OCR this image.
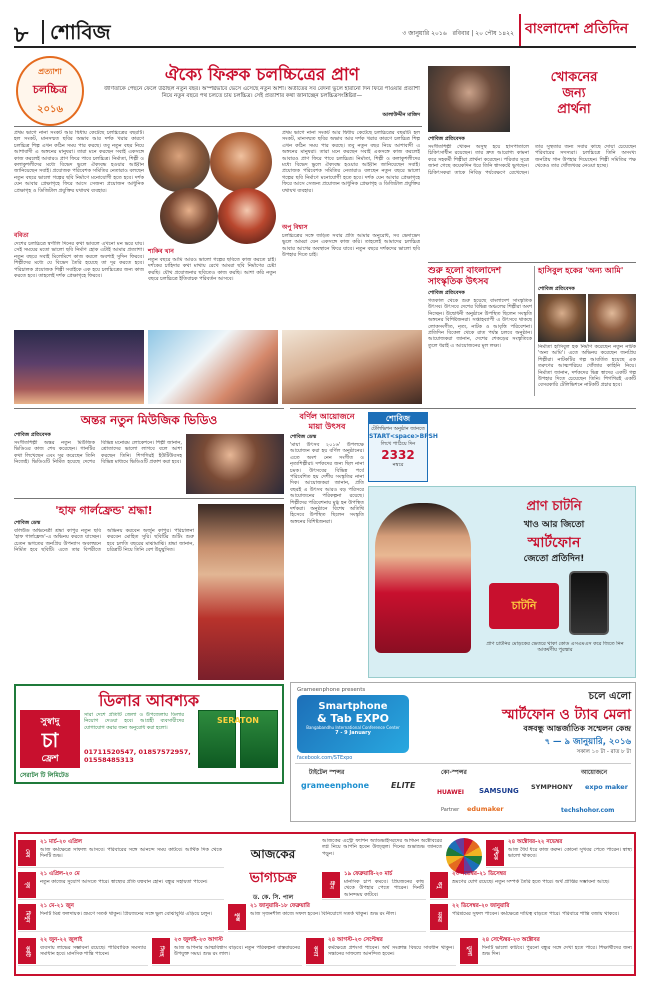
৮ শোবিজ	৩ জানুয়ারি ২০১৬ রবিবার | ২০ পৌষ ১৪২২ বাংলাদেশ প্রতিদিন
প্রত্যাশা
চলচ্চিত্র
২০১৬
ঐক্যে ফিরুক চলচ্চিত্রের প্রাণ
জীর্ণতাকে পেছনে ফেলে উঠছিল নতুন বছর। অস্পষ্টভাবে ভেসে এসেছে নতুন আশা। অতীতের সব বেদনা ভুলে হারানো দিন ফিরে পাওয়ার প্রত্যাশা নিয়ে নতুন বছরে পথ চলতে চায় চলচ্চিত্র। সেই প্রত্যাশার কথা জানাচ্ছেন চলচ্চিত্রসংশ্লিষ্টরা—
আলাউদ্দীন মাজিদ
প্রথম ভাগে নানা সংকট আর দ্বিধায় কেটেছে চলচ্চিত্রের বছরটি। হল সংকট, মানসম্মত ছবির অভাব আর দর্শক খরার কারণে চলচ্চিত্র শিল্প এখন কঠিন সময় পার করছে। তবু নতুন বছর নিয়ে আশাবাদী এ অঙ্গনের মানুষরা। তারা মনে করছেন সবাই একসঙ্গে কাজ করলেই আবারও প্রাণ ফিরে পাবে চলচ্চিত্র। নির্মাতা, শিল্পী ও কলাকুশলীদের মধ্যে বিভেদ ভুলে ঐক্যবদ্ধ হওয়ার আহ্বান জানিয়েছেন সবাই। প্রযোজক পরিবেশক সমিতির নেতারাও বলছেন নতুন বছরে ভালো গল্পের ছবি নির্মাণে মনোযোগী হতে হবে। দর্শক যেন আবার প্রেক্ষাগৃহে ফিরে আসে সেজন্য প্রয়োজন আধুনিক প্রেক্ষাগৃহ ও ডিজিটাল প্রযুক্তির যথাযথ ব্যবহার।
ববিতা
দেশের চলচ্চিত্রে স্বর্ণালি দিনের কথা ভাবলে এখনো মন ভরে যায়। সেই সময়ের মতো ভালো ছবি নির্মাণ হোক এটাই আমার প্রত্যাশা। নতুন বছরে সবাই মিলেমিশে কাজ করলে অবশ্যই সুদিন ফিরবে। শিল্পীদের মধ্যে যে বিভেদ তৈরি হয়েছে তা দূর করতে হবে। পরিচালক প্রযোজক শিল্পী সবাইকে এক হয়ে চলচ্চিত্রের জন্য কাজ করতে হবে। তাহলেই দর্শক প্রেক্ষাগৃহে ফিরবে।
শাকিব খান
নতুন বছরে আমি আরও ভালো গল্পের ছবিতে কাজ করতে চাই। দর্শকের চাহিদার কথা মাথায় রেখে আমরা ছবি নির্মাণের চেষ্টা করছি। যৌথ প্রযোজনার ছবিতেও কাজ করছি। আশা করি নতুন বছরে চলচ্চিত্রে ইতিবাচক পরিবর্তন আসবে।
প্রথম ভাগে নানা সংকট আর দ্বিধায় কেটেছে চলচ্চিত্রের বছরটি। হল সংকট, মানসম্মত ছবির অভাব আর দর্শক খরার কারণে চলচ্চিত্র শিল্প এখন কঠিন সময় পার করছে। তবু নতুন বছর নিয়ে আশাবাদী এ অঙ্গনের মানুষরা। তারা মনে করছেন সবাই একসঙ্গে কাজ করলেই আবারও প্রাণ ফিরে পাবে চলচ্চিত্র। নির্মাতা, শিল্পী ও কলাকুশলীদের মধ্যে বিভেদ ভুলে ঐক্যবদ্ধ হওয়ার আহ্বান জানিয়েছেন সবাই। প্রযোজক পরিবেশক সমিতির নেতারাও বলছেন নতুন বছরে ভালো গল্পের ছবি নির্মাণে মনোযোগী হতে হবে। দর্শক যেন আবার প্রেক্ষাগৃহে ফিরে আসে সেজন্য প্রয়োজন আধুনিক প্রেক্ষাগৃহ ও ডিজিটাল প্রযুক্তির যথাযথ ব্যবহার।
অপু বিশ্বাস
চলচ্চিত্রের সঙ্গে জড়িত সবার প্রতি আমার অনুরোধ, সব ভেদাভেদ ভুলে আমরা যেন একসঙ্গে কাজ করি। তাহলেই আমাদের চলচ্চিত্র আবার আগের অবস্থানে ফিরে যাবে। নতুন বছরে দর্শকদের ভালো ছবি উপহার দিতে চাই।
অন্তর নতুন মিউজিক ভিডিও
শোবিজ প্রতিবেদক
সংগীতশিল্পী অন্তর নতুন মিউজিক ভিডিওর কাজ শেষ করেছেন। গানটির কথা লিখেছেন এবং সুর করেছেন তিনি নিজেই। ভিডিওটি নির্মিত হয়েছে দেশের বিভিন্ন মনোরম লোকেশনে। শিল্পী জানান, শ্রোতাদের ভালো লাগবে বলে আশা করছেন তিনি। শিগগিরই ইউটিউবসহ বিভিন্ন মাধ্যমে ভিডিওটি প্রকাশ করা হবে।
'হাফ গার্লফ্রেন্ড' শ্রদ্ধা!
শোবিজ ডেস্ক
বলিউড অভিনেত্রী শ্রদ্ধা কাপুর নতুন ছবি 'হাফ গার্লফ্রেন্ড'-এ অভিনয় করতে যাচ্ছেন। চেতন ভগতের জনপ্রিয় উপন্যাস অবলম্বনে নির্মিত হবে ছবিটি। এতে তার বিপরীতে অভিনয় করবেন অর্জুন কাপুর। পরিচালনা করবেন মোহিত সুরি। ছবিটির শুটিং শুরু হবে চলতি বছরের মাঝামাঝি। শ্রদ্ধা জানান, চরিত্রটি নিয়ে তিনি বেশ উচ্ছ্বসিত।
ডিলার আবশ্যক
সুস্বাদু
চা
ফ্রেশ
সারা দেশে প্রতিটি জেলা ও উপজেলায় ডিলার নিয়োগ দেওয়া হবে। আগ্রহী ব্যবসায়ীদের যোগাযোগ করার জন্য অনুরোধ করা হলো।
01711520547, 01857572957, 01558485313
SERATON
সেরাটন টি লিমিটেড
খোকনের
জন্য
প্রার্থনা
শোবিজ প্রতিবেদক
সংগীতশিল্পী খোকন অসুস্থ হয়ে হাসপাতালে চিকিৎসাধীন রয়েছেন। তার দ্রুত আরোগ্য কামনা করে সহকর্মী শিল্পীরা প্রার্থনা করেছেন। পরিবার সূত্রে জানা গেছে কয়েকদিন ধরে তিনি শ্বাসকষ্টে ভুগছেন। চিকিৎসকরা তাকে নিবিড় পর্যবেক্ষণে রেখেছেন। তার সুস্থতার জন্য সবার কাছে দোয়া চেয়েছেন পরিবারের সদস্যরা। চলচ্চিত্রে তিনি অসংখ্য জনপ্রিয় গান উপহার দিয়েছেন। শিল্পী সমিতির পক্ষ থেকেও তার খোঁজখবর নেওয়া হচ্ছে।
শুরু হলো বাংলাদেশ সাংস্কৃতিক উৎসব
শোবিজ প্রতিবেদক
গতকাল থেকে শুরু হয়েছে বাংলাদেশ সাংস্কৃতিক উৎসব। উৎসবে দেশের বিভিন্ন অঞ্চলের শিল্পীরা অংশ নিচ্ছেন। উদ্বোধনী অনুষ্ঠানে উপস্থিত ছিলেন সংস্কৃতি অঙ্গনের বিশিষ্টজনরা। সপ্তাহব্যাপী এ উৎসবে থাকছে লোকসংগীত, নৃত্য, নাটক ও আবৃত্তি পরিবেশনা। প্রতিদিন বিকেল থেকে রাত পর্যন্ত চলবে অনুষ্ঠান। আয়োজকরা জানান, দেশের শেকড়ের সংস্কৃতিকে তুলে ধরাই এ আয়োজনের মূল লক্ষ্য।
হাসিবুল হকের 'অন্য আমি'
শোবিজ প্রতিবেদক
নির্মাতা হাসিবুল হক নির্মাণ করেছেন নতুন নাটক 'অন্য আমি'। এতে অভিনয় করেছেন জনপ্রিয় শিল্পীরা। নাটকটির গল্প আবর্তিত হয়েছে এক তরুণের আত্মপরিচয় খোঁজার কাহিনি নিয়ে। নির্মাতা জানান, দর্শকদের ভিন্ন স্বাদের একটি গল্প উপহার দিতে চেয়েছেন তিনি। শিগগিরই একটি বেসরকারি টেলিভিশনে নাটকটি প্রচার হবে।
বর্ণিল আয়োজনে
মায়া উৎসব
শোবিজ ডেস্ক
'মায়া উৎসব ২০১৬' উপলক্ষে আয়োজন করা হয় বর্ণিল অনুষ্ঠানের। এতে অংশ নেন সংগীত ও নৃত্যশিল্পীরা। দর্শকদের জন্য ছিল নানা চমক। উৎসবের বিভিন্ন পর্বে পরিবেশিত হয় দেশীয় সংস্কৃতির নানা দিক। আয়োজকরা জানান, প্রতি বছরই এ উৎসব আরও বড় পরিসরে আয়োজনের পরিকল্পনা রয়েছে। শিল্পীদের পরিবেশনায় মুগ্ধ হন উপস্থিত দর্শকরা। অনুষ্ঠানে বিশেষ অতিথি হিসেবে উপস্থিত ছিলেন সংস্কৃতি অঙ্গনের বিশিষ্টজনরা।
শোবিজ
টেলিভিশন অনুষ্ঠান জানতে
START<space>BPSH
লিখে পাঠিয়ে দিন
2332
নম্বরে
প্রাণ চাটনি
খাও আর জিতো
স্মার্টফোন
জেতো প্রতিদিন!
চাটনি
প্রাণ চাটনির মোড়কের ভেতরে থাকা কোড এসএমএস করে জিতে নিন আকর্ষণীয় পুরস্কার
Grameenphone presents
Smartphone
& Tab EXPO
Bangabandhu International Conference Center
7 - 9 January
facebook.com/STExpo
চলে এলো
স্মার্টফোন ও ট্যাব মেলা
বঙ্গবন্ধু আন্তর্জাতিক সম্মেলন কেন্দ্র
৭ — ৯ জানুয়ারি, ২০১৬
সকাল ১০ টা - রাত ৮ টা
টাইটেল স্পন্সর	কো-স্পন্সর	আয়োজনে
grameenphone	ELITE
HUAWEI SAMSUNG SYMPHONY expo maker
Partner edumaker	techshohor.com
আজকের
ভাগ্যচক্র
ড. কে. সি. পাল
আজকের এস্ট্রো ফ্যাশন অ্যাডভাইসরদের আগমন অক্টোবরের লগ্ন নিয়ে আপনি হবেন উজ্জ্বল। দিনের শুভাশুভ জানতে পড়ুন।
মেষ
২১ মার্চ-২০ এপ্রিল
আজ কর্মক্ষেত্রে সাফল্য আসবে। পরিবারের সঙ্গে আনন্দে সময় কাটবে। আর্থিক দিক থেকে দিনটি শুভ।
বৃষ
২১ এপ্রিল-২০ মে
নতুন কাজের সুযোগ আসতে পারে। স্বাস্থ্যের প্রতি যত্নবান হোন। বন্ধুর সহায়তা পাবেন।
মিথুন
২১ মে-২১ জুন
দিনটি মিশ্র ফলদায়ক। ভ্রমণে সতর্ক থাকুন। প্রিয়জনের সঙ্গে ভুল বোঝাবুঝি এড়িয়ে চলুন।
কর্কট
২২ জুন-২২ জুলাই
ব্যবসায় লাভের সম্ভাবনা রয়েছে। পারিবারিক সমস্যার সমাধান হবে। মানসিক শান্তি পাবেন।	সিংহ
২৩ জুলাই-২৩ আগস্ট
আজ আপনার আত্মবিশ্বাস বাড়বে। নতুন পরিকল্পনা বাস্তবায়নের উপযুক্ত সময়। শুভ রং লাল।	কন্যা
২৪ আগস্ট-২৩ সেপ্টেম্বর
কর্মক্ষেত্রে প্রশংসা পাবেন। অর্থ সংক্রান্ত বিষয়ে সাবধান থাকুন। সন্তানের সাফল্যে আনন্দিত হবেন।	তুলা
২৪ সেপ্টেম্বর-২৩ অক্টোবর
দিনটি ভালো কাটবে। পুরনো বন্ধুর সঙ্গে দেখা হতে পারে। শিক্ষার্থীদের জন্য শুভ দিন।
বৃশ্চিক
২৪ অক্টোবর-২২ নভেম্বর
আজ ধৈর্য ধরে কাজ করুন। কোনো সুখবর পেতে পারেন। স্বাস্থ্য ভালো থাকবে।
ধনু
২৩ নভেম্বর-২১ ডিসেম্বর
ভ্রমণের যোগ রয়েছে। নতুন সম্পর্ক তৈরি হতে পারে। অর্থ প্রাপ্তির সম্ভাবনা আছে।
মকর
২২ ডিসেম্বর-২০ জানুয়ারি
পরিশ্রমের সুফল পাবেন। কর্মক্ষেত্রে দায়িত্ব বাড়তে পারে। পরিবারে শান্তি বজায় থাকবে।
কুম্ভ
২১ জানুয়ারি-১৮ ফেব্রুয়ারি
আজ সৃজনশীল কাজে সফল হবেন। বিনিয়োগে সতর্ক থাকুন। শুভ রং নীল।
মীন
১৯ ফেব্রুয়ারি-২০ মার্চ
মানসিক চাপ কমবে। প্রিয়জনের কাছ থেকে উপহার পেতে পারেন। দিনটি আনন্দময় কাটবে।
